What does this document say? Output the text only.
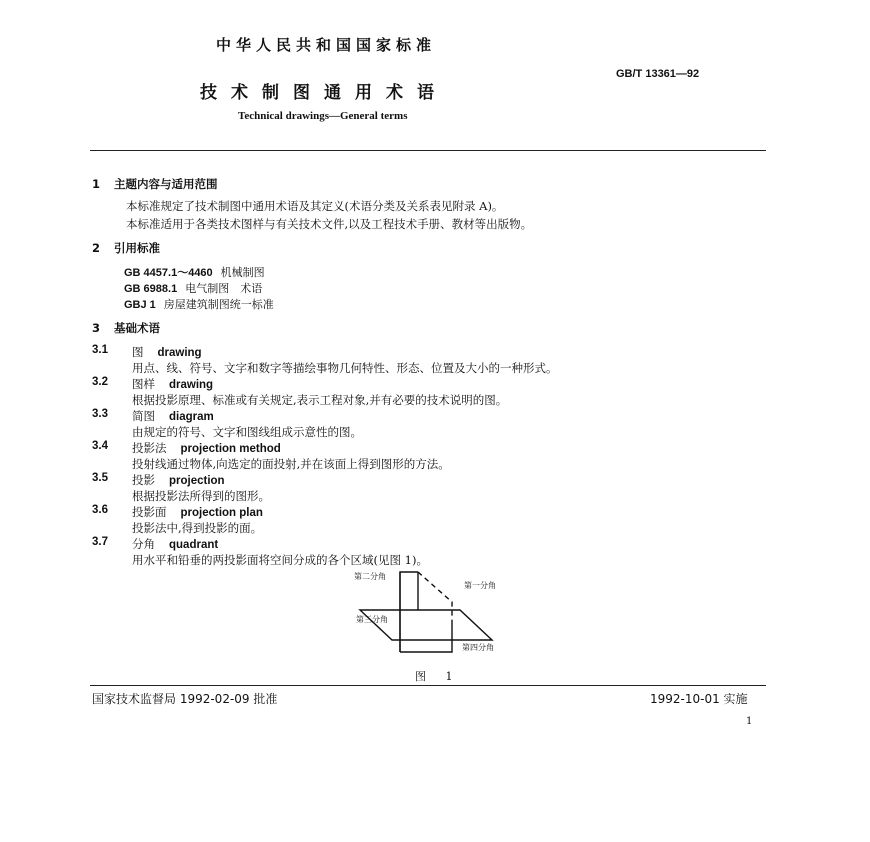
中华人民共和国国家标准
技术制图通用术语
GB/T 13361—92
Technical drawings—General terms
1 主题内容与适用范围
本标准规定了技术制图中通用术语及其定义(术语分类及关系表见附录 A)。
本标准适用于各类技术图样与有关技术文件,以及工程技术手册、教材等出版物。
2 引用标准
GB 4457.1～4460 机械制图
GB 6988.1 电气制图　术语
GBJ 1 房屋建筑制图统一标准
3 基础术语
3.1 图 drawing
用点、线、符号、文字和数字等描绘事物几何特性、形态、位置及大小的一种形式。
3.2 图样 drawing
根据投影原理、标准或有关规定,表示工程对象,并有必要的技术说明的图。
3.3 简图 diagram
由规定的符号、文字和图线组成示意性的图。
3.4 投影法 projection method
投射线通过物体,向选定的面投射,并在该面上得到图形的方法。
3.5 投影 projection
根据投影法所得到的图形。
3.6 投影面 projection plan
投影法中,得到投影的面。
3.7 分角 quadrant
用水平和铅垂的两投影面将空间分成的各个区域(见图 1)。
第二分角
第一分角
第三分角
第四分角
图 1
国家技术监督局 1992-02-09 批准	1992-10-01 实施
1
